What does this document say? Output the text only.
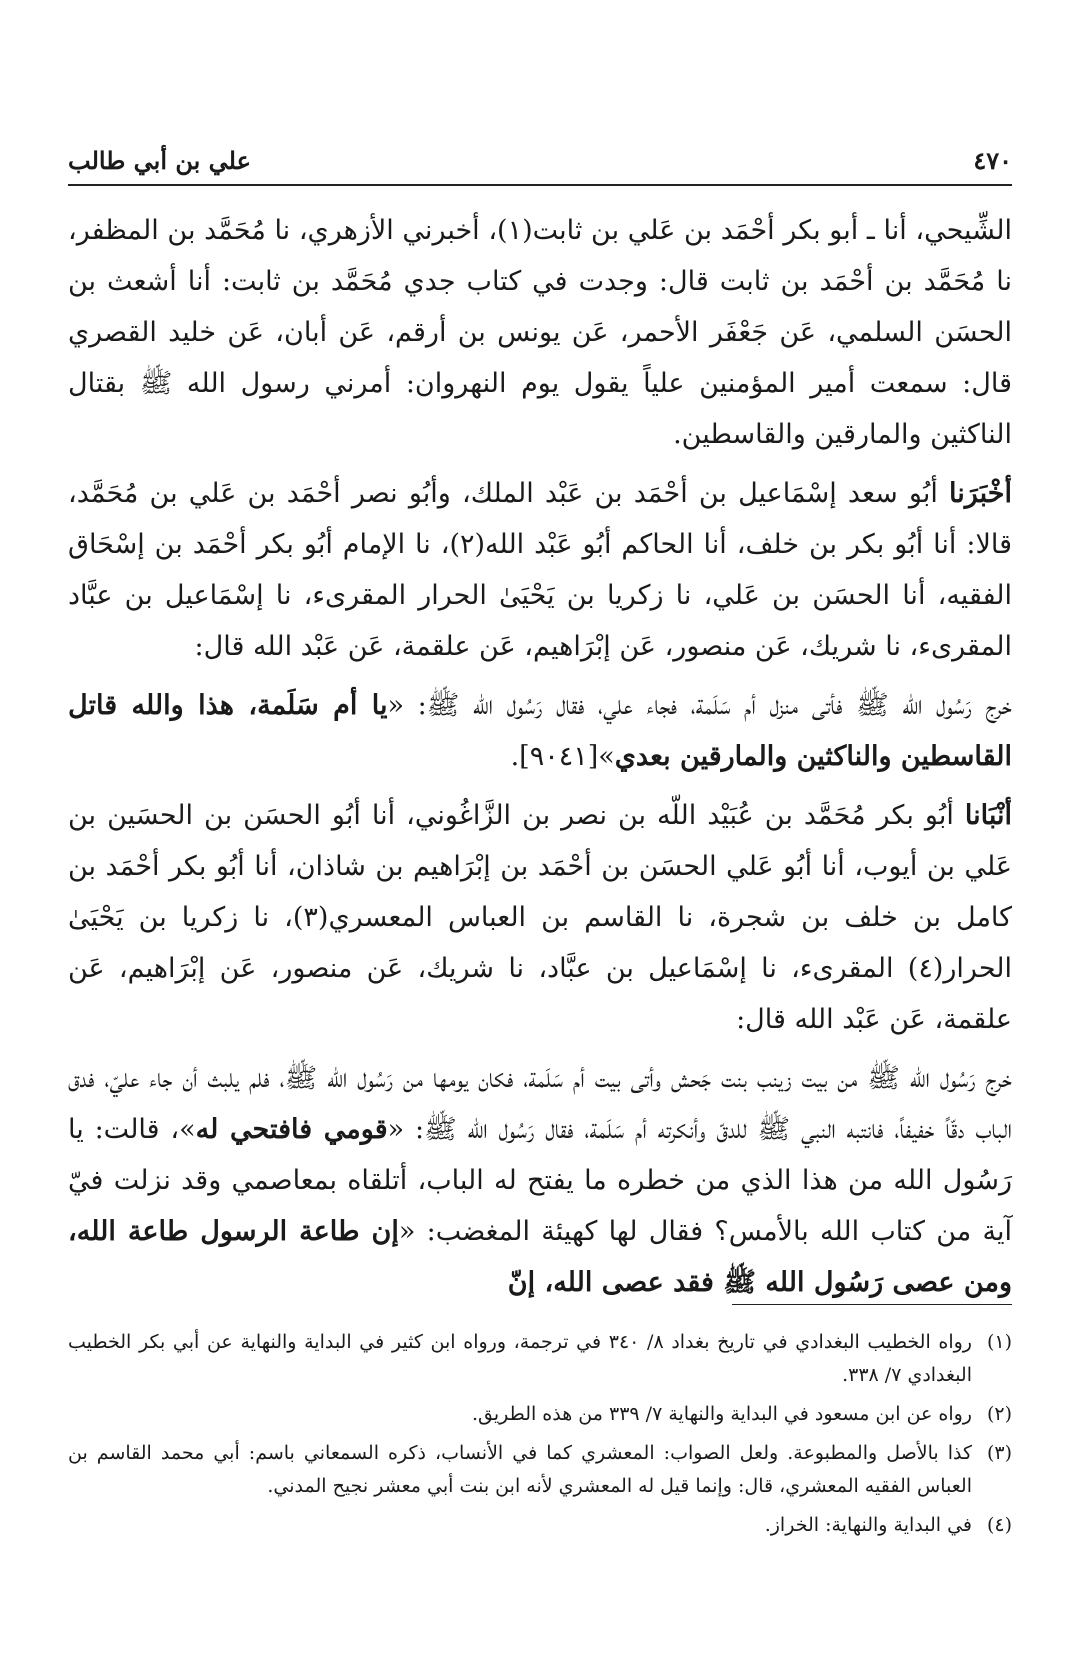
علي بن أبي طالب	٤٧٠

الشِّيحي، أنا ـ أبو بكر أحْمَد بن عَلي بن ثابت(١)، أخبرني الأزهري، نا مُحَمَّد بن المظفر، نا مُحَمَّد بن أحْمَد بن ثابت قال: وجدت في كتاب جدي مُحَمَّد بن ثابت: أنا أشعث بن الحسَن السلمي، عَن جَعْفَر الأحمر، عَن يونس بن أرقم، عَن أبان، عَن خليد القصري قال: سمعت أمير المؤمنين علياً يقول يوم النهروان: أمرني رسول الله ﷺ بقتال الناكثين والمارقين والقاسطين.

أخْبَرَنا أبُو سعد إسْمَاعيل بن أحْمَد بن عَبْد الملك، وأبُو نصر أحْمَد بن عَلي بن مُحَمَّد، قالا: أنا أبُو بكر بن خلف، أنا الحاكم أبُو عَبْد الله(٢)، نا الإمام أبُو بكر أحْمَد بن إسْحَاق الفقيه، أنا الحسَن بن عَلي، نا زكريا بن يَحْيَىٰ الحرار المقرىء، نا إسْمَاعيل بن عبَّاد المقرىء، نا شريك، عَن منصور، عَن إبْرَاهيم، عَن علقمة، عَن عَبْد الله قال:

خرج رَسُول الله ﷺ فأتى منزل أم سَلَمة، فجاء علي، فقال رَسُول الله ﷺ: «يا أم سَلَمة، هذا والله قاتل القاسطين والناكثين والمارقين بعدي»[٩٠٤١].

أنْبَانا أبُو بكر مُحَمَّد بن عُبَيْد اللّه بن نصر بن الزَّاغُوني، أنا أبُو الحسَن بن الحسَين بن عَلي بن أيوب، أنا أبُو عَلي الحسَن بن أحْمَد بن إبْرَاهيم بن شاذان، أنا أبُو بكر أحْمَد بن كامل بن خلف بن شجرة، نا القاسم بن العباس المعسري(٣)، نا زكريا بن يَحْيَىٰ الحرار(٤) المقرىء، نا إسْمَاعيل بن عبَّاد، نا شريك، عَن منصور، عَن إبْرَاهيم، عَن علقمة، عَن عَبْد الله قال:

خرج رَسُول الله ﷺ من بيت زينب بنت جَحش وأتى بيت أم سَلَمة، فكان يومها من رَسُول الله ﷺ، فلم يلبث أن جاء عليّ، فدق الباب دقّاً خفيفاً، فانتبه النبي ﷺ للدقّ وأنكرته أم سَلَمة، فقال رَسُول الله ﷺ: «قومي فافتحي له»، قالت: يا رَسُول الله من هذا الذي من خطره ما يفتح له الباب، أتلقاه بمعاصمي وقد نزلت فيّ آية من كتاب الله بالأمس؟ فقال لها كهيئة المغضب: «إن طاعة الرسول طاعة الله، ومن عصى رَسُول الله ﷺ فقد عصى الله، إنّ

(١)
رواه الخطيب البغدادي في تاريخ بغداد ٨/ ٣٤٠ في ترجمة، ورواه ابن كثير في البداية والنهاية عن أبي بكر الخطيب البغدادي ٧/ ٣٣٨.
(٢)
رواه عن ابن مسعود في البداية والنهاية ٧/ ٣٣٩ من هذه الطريق.
(٣)
كذا بالأصل والمطبوعة. ولعل الصواب: المعشري كما في الأنساب، ذكره السمعاني باسم: أبي محمد القاسم بن العباس الفقيه المعشري، قال: وإنما قيل له المعشري لأنه ابن بنت أبي معشر نجيح المدني.
(٤)
في البداية والنهاية: الخراز.
